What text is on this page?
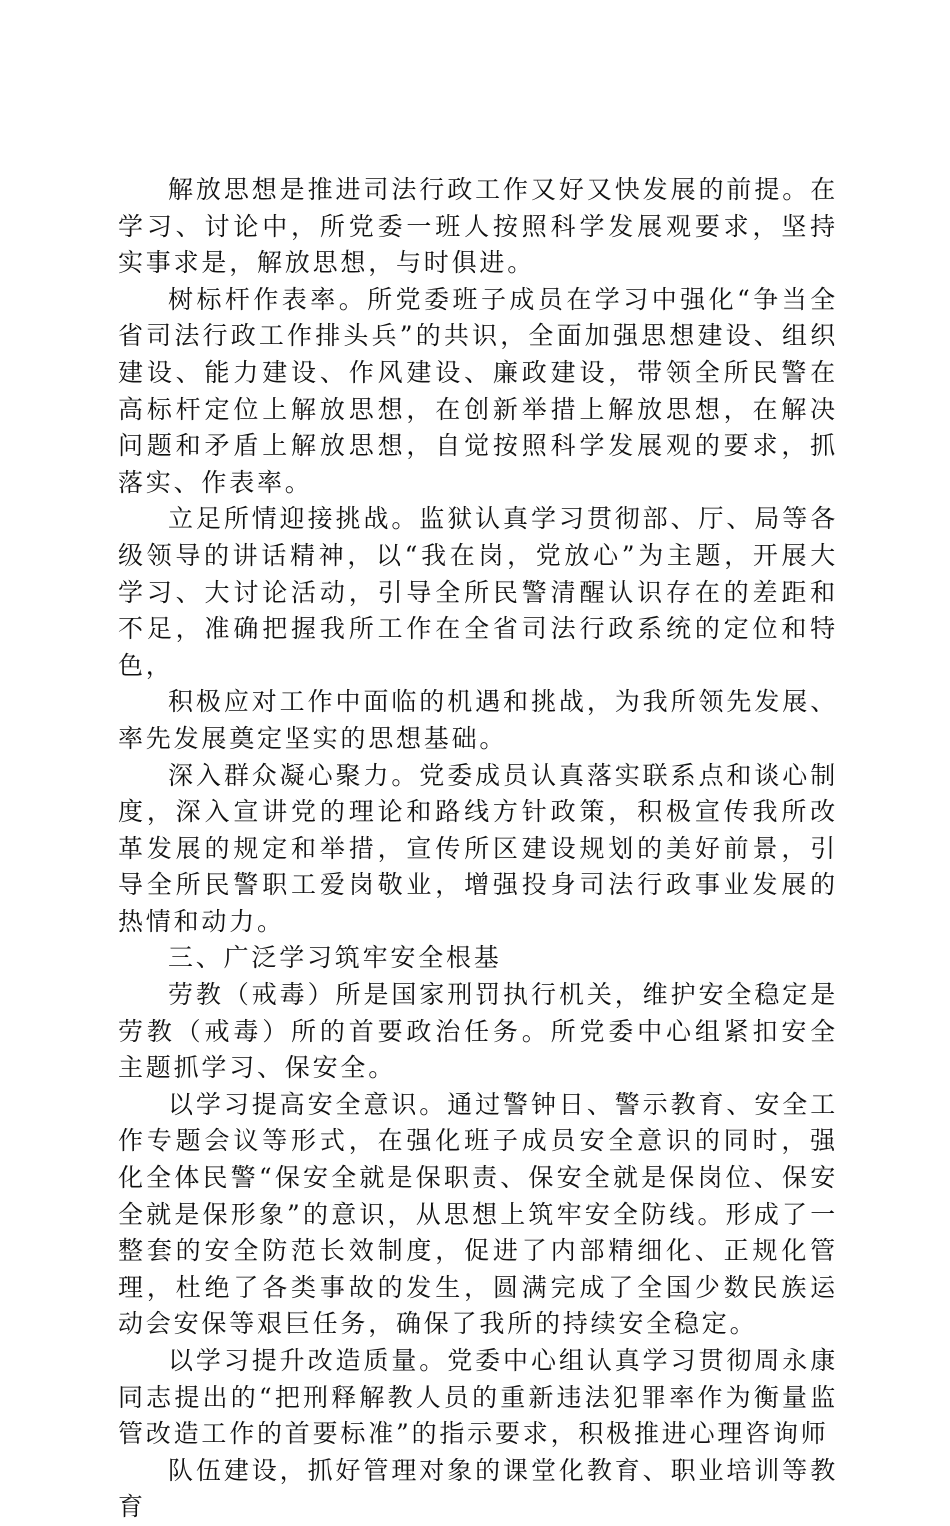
解放思想是推进司法行政工作又好又快发展的前提。在学习、讨论中，所党委一班人按照科学发展观要求，坚持实事求是，解放思想，与时俱进。

树标杆作表率。所党委班子成员在学习中强化“争当全省司法行政工作排头兵”的共识，全面加强思想建设、组织建设、能力建设、作风建设、廉政建设，带领全所民警在高标杆定位上解放思想，在创新举措上解放思想，在解决问题和矛盾上解放思想，自觉按照科学发展观的要求，抓落实、作表率。

立足所情迎接挑战。监狱认真学习贯彻部、厅、局等各级领导的讲话精神，以“我在岗，党放心”为主题，开展大学习、大讨论活动，引导全所民警清醒认识存在的差距和不足，准确把握我所工作在全省司法行政系统的定位和特色，

积极应对工作中面临的机遇和挑战，为我所领先发展、率先发展奠定坚实的思想基础。

深入群众凝心聚力。党委成员认真落实联系点和谈心制度，深入宣讲党的理论和路线方针政策，积极宣传我所改革发展的规定和举措，宣传所区建设规划的美好前景，引导全所民警职工爱岗敬业，增强投身司法行政事业发展的热情和动力。

三、广泛学习筑牢安全根基

劳教（戒毒）所是国家刑罚执行机关，维护安全稳定是劳教（戒毒）所的首要政治任务。所党委中心组紧扣安全主题抓学习、保安全。

以学习提高安全意识。通过警钟日、警示教育、安全工作专题会议等形式，在强化班子成员安全意识的同时，强化全体民警“保安全就是保职责、保安全就是保岗位、保安全就是保形象”的意识，从思想上筑牢安全防线。形成了一整套的安全防范长效制度，促进了内部精细化、正规化管理，杜绝了各类事故的发生，圆满完成了全国少数民族运动会安保等艰巨任务，确保了我所的持续安全稳定。

以学习提升改造质量。党委中心组认真学习贯彻周永康同志提出的“把刑释解教人员的重新违法犯罪率作为衡量监管改造工作的首要标准”的指示要求，积极推进心理咨询师

队伍建设，抓好管理对象的课堂化教育、职业培训等教育
